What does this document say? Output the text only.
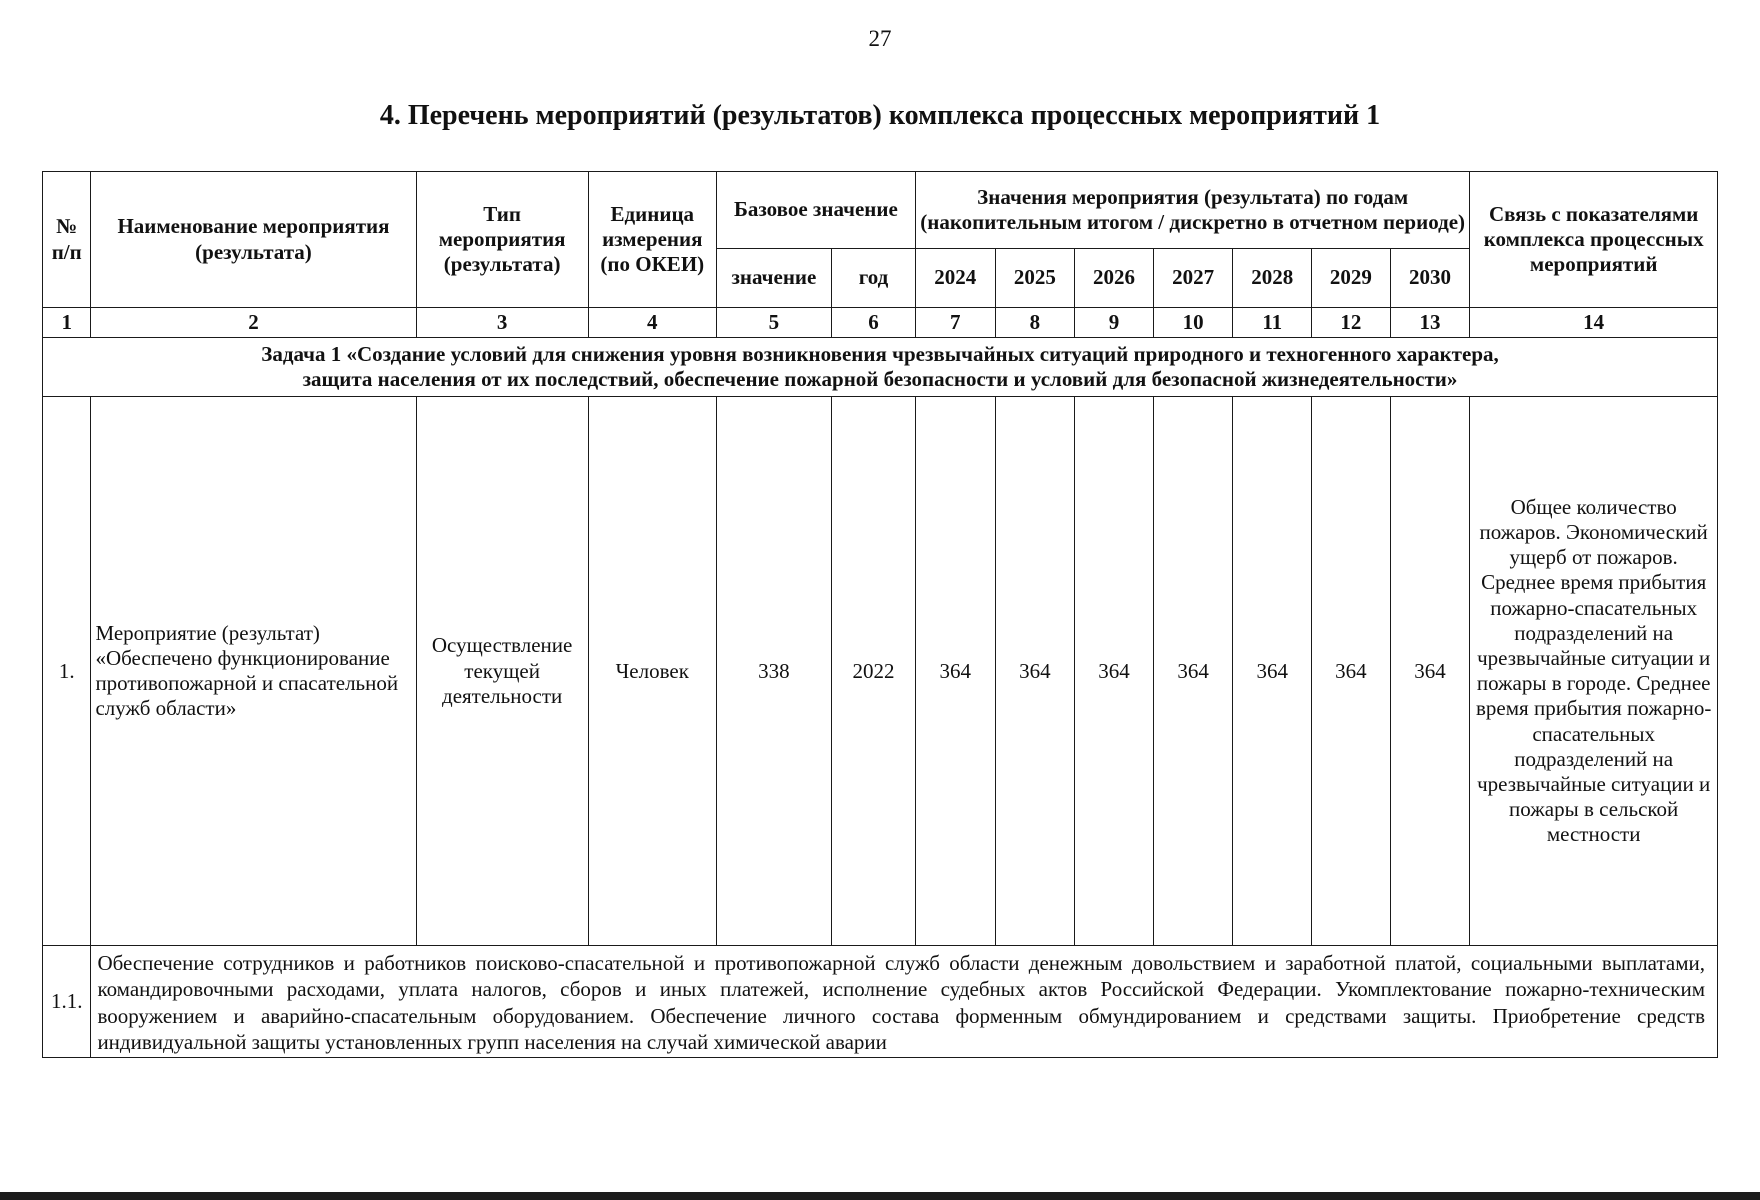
27
4. Перечень мероприятий (результатов) комплекса процессных мероприятий 1
№ п/п	Наименование мероприятия (результата)	Тип мероприятия (результата)	Единица измерения (по ОКЕИ)	Базовое значение		Значения мероприятия (результата) по годам (накопительным итогом / дискретно в отчетном периоде)							Связь с показателями комплекса процессных мероприятий
				значение	год	2024	2025	2026	2027	2028	2029	2030	
1	2	3	4	5	6	7	8	9	10	11	12	13	14

Задача 1 «Создание условий для снижения уровня возникновения чрезвычайных ситуаций природного и техногенного характера,
защита населения от их последствий, обеспечение пожарной безопасности и условий для безопасной жизнедеятельности»													

1.	Мероприятие (результат) «Обеспечено функционирование противопожарной и спасательной служб области»	Осуществление текущей деятельности	Человек	338	2022	364	364	364	364	364	364	364	Общее количество пожаров. Экономический ущерб от пожаров. Среднее время прибытия пожарно-спасательных подразделений на чрезвычайные ситуации и пожары в городе. Среднее время прибытия пожарно-спасательных подразделений на чрезвычайные ситуации и пожары в сельской местности
1.1.	Обеспечение сотрудников и работников поисково-спасательной и противопожарной служб области денежным довольствием и заработной платой, социальными выплатами, командировочными расходами, уплата налогов, сборов и иных платежей, исполнение судебных актов Российской Федерации. Укомплектование пожарно-техническим вооружением и аварийно-спасательным оборудованием. Обеспечение личного состава форменным обмундированием и средствами защиты. Приобретение средств индивидуальной защиты установленных групп населения на случай химической аварии												
